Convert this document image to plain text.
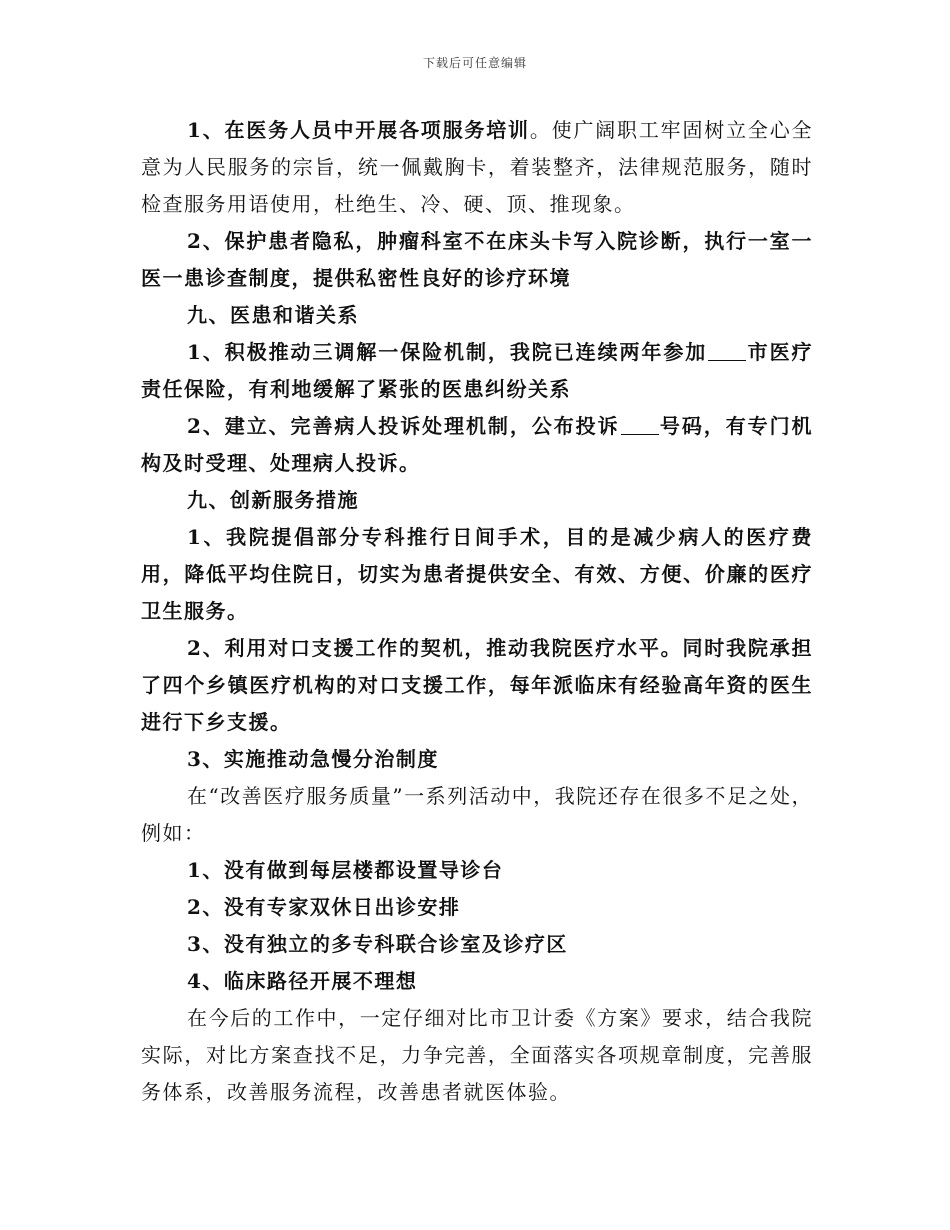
下载后可任意编辑

1、在医务人员中开展各项服务培训。使广阔职工牢固树立全心全意为人民服务的宗旨，统一佩戴胸卡，着装整齐，法律规范服务，随时检查服务用语使用，杜绝生、冷、硬、顶、推现象。

2、保护患者隐私，肿瘤科室不在床头卡写入院诊断，执行一室一医一患诊查制度，提供私密性良好的诊疗环境

九、医患和谐关系

1、积极推动三调解一保险机制，我院已连续两年参加 市医疗责任保险，有利地缓解了紧张的医患纠纷关系

2、建立、完善病人投诉处理机制，公布投诉 号码，有专门机构及时受理、处理病人投诉。

九、创新服务措施

1、我院提倡部分专科推行日间手术，目的是减少病人的医疗费用，降低平均住院日，切实为患者提供安全、有效、方便、价廉的医疗卫生服务。

2、利用对口支援工作的契机，推动我院医疗水平。同时我院承担了四个乡镇医疗机构的对口支援工作，每年派临床有经验高年资的医生进行下乡支援。

3、实施推动急慢分治制度

在“改善医疗服务质量”一系列活动中，我院还存在很多不足之处，例如：

1、没有做到每层楼都设置导诊台

2、没有专家双休日出诊安排

3、没有独立的多专科联合诊室及诊疗区

4、临床路径开展不理想

在今后的工作中，一定仔细对比市卫计委《方案》要求，结合我院实际，对比方案查找不足，力争完善，全面落实各项规章制度，完善服务体系，改善服务流程，改善患者就医体验。
